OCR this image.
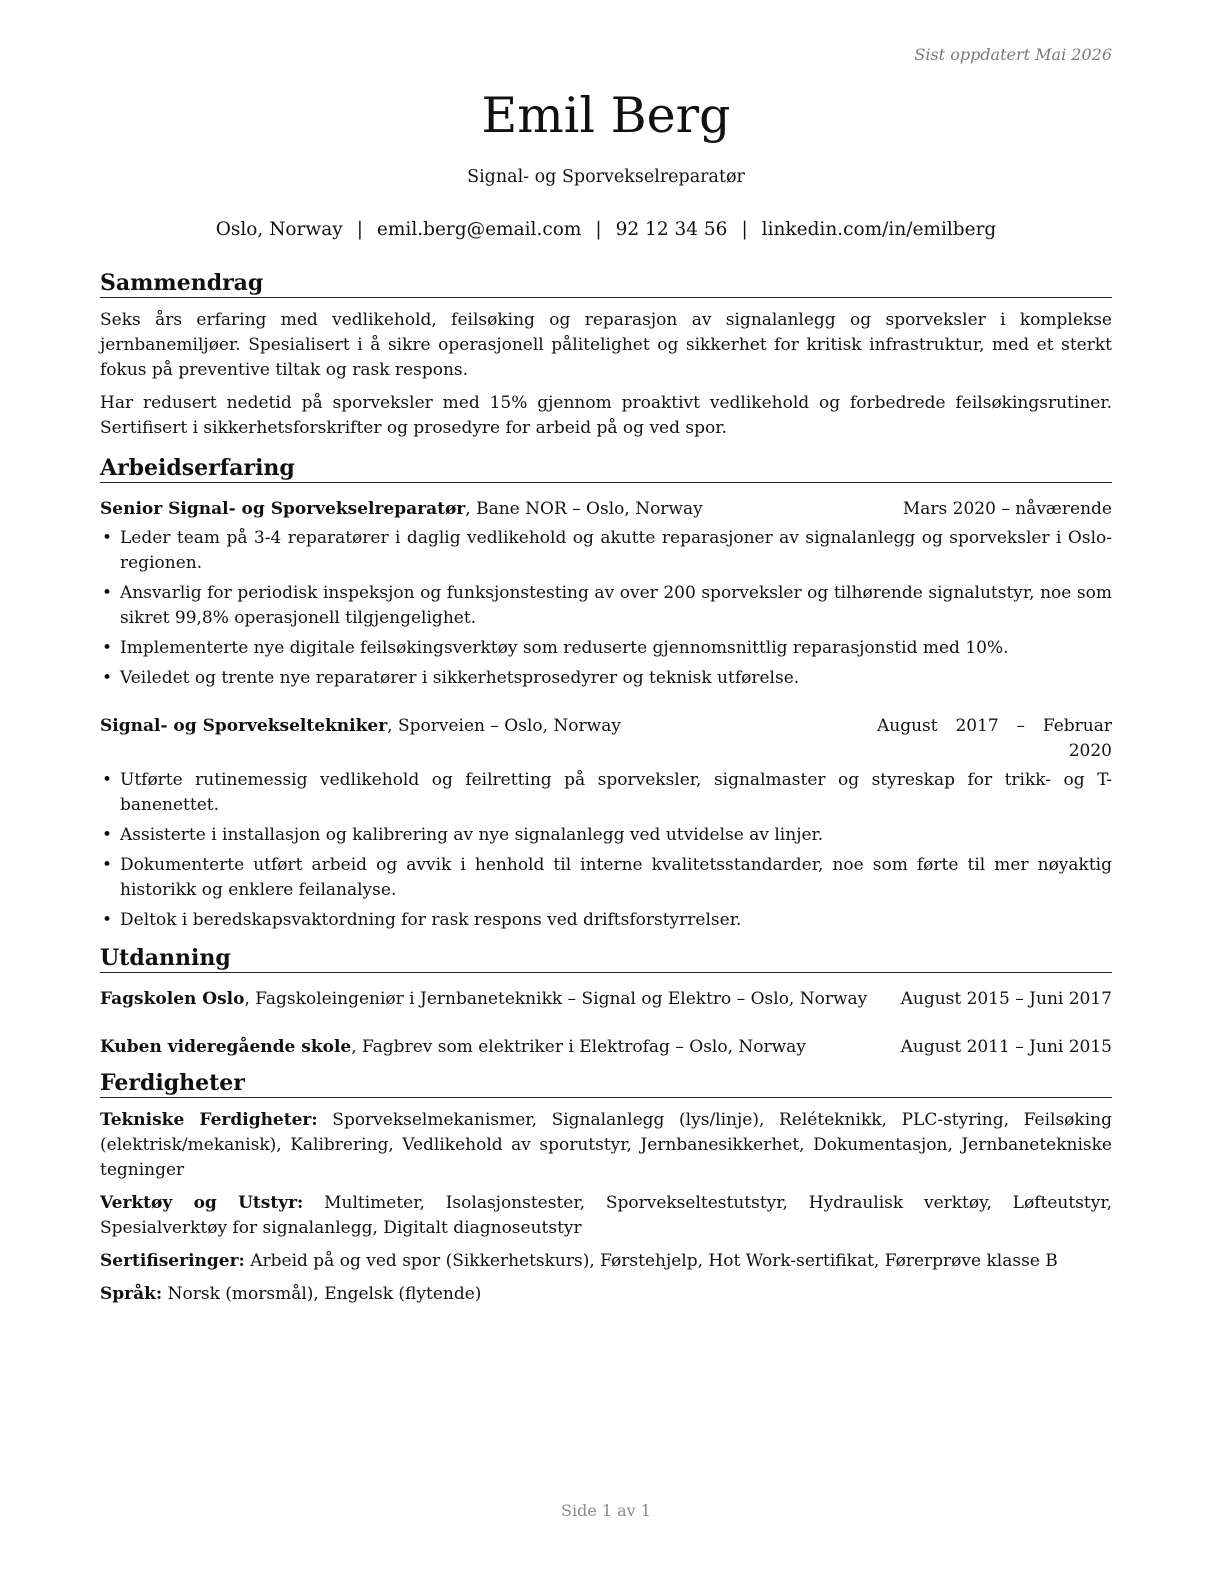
Sist oppdatert Mai 2026
Emil Berg
Signal- og Sporvekselreparatør
Oslo, Norway | emil.berg@email.com | 92 12 34 56 | linkedin.com/in/emilberg
Sammendrag

Seks års erfaring med vedlikehold, feilsøking og reparasjon av signalanlegg og sporveksler i komplekse jernbanemiljøer. Spesialisert i å sikre operasjonell pålitelighet og sikkerhet for kritisk infrastruktur, med et sterkt fokus på preventive tiltak og rask respons.

Har redusert nedetid på sporveksler med 15% gjennom proaktivt vedlikehold og forbedrede feilsøkingsrutiner. Sertifisert i sikkerhetsforskrifter og prosedyre for arbeid på og ved spor.

Arbeidserfaring
Senior Signal- og Sporvekselreparatør, Bane NOR – Oslo, Norway	Mars 2020 – nåværende
• Leder team på 3-4 reparatører i daglig vedlikehold og akutte reparasjoner av signalanlegg og sporveksler i Oslo-regionen.
• Ansvarlig for periodisk inspeksjon og funksjonstesting av over 200 sporveksler og tilhørende signalutstyr, noe som sikret 99,8% operasjonell tilgjengelighet.
• Implementerte nye digitale feilsøkingsverktøy som reduserte gjennomsnittlig reparasjonstid med 10%.
• Veiledet og trente nye reparatører i sikkerhetsprosedyrer og teknisk utførelse.
Signal- og Sporvekseltekniker, Sporveien – Oslo, Norway	August 2017 – Februar 2020
• Utførte rutinemessig vedlikehold og feilretting på sporveksler, signalmaster og styreskap for trikk- og T-banenettet.
• Assisterte i installasjon og kalibrering av nye signalanlegg ved utvidelse av linjer.
• Dokumenterte utført arbeid og avvik i henhold til interne kvalitetsstandarder, noe som førte til mer nøyaktig historikk og enklere feilanalyse.
• Deltok i beredskapsvaktordning for rask respons ved driftsforstyrrelser.
Utdanning
Fagskolen Oslo, Fagskoleingeniør i Jernbaneteknikk – Signal og Elektro – Oslo, Norway	August 2015 – Juni 2017
Kuben videregående skole, Fagbrev som elektriker i Elektrofag – Oslo, Norway	August 2011 – Juni 2015
Ferdigheter

Tekniske Ferdigheter: Sporvekselmekanismer, Signalanlegg (lys/linje), Reléteknikk, PLC-styring, Feilsøking (elektrisk/mekanisk), Kalibrering, Vedlikehold av sporutstyr, Jernbanesikkerhet, Dokumentasjon, Jernbanetekniske tegninger

Verktøy og Utstyr: Multimeter, Isolasjonstester, Sporvekseltestutstyr, Hydraulisk verktøy, Løfteutstyr, Spesialverktøy for signalanlegg, Digitalt diagnoseutstyr

Sertifiseringer: Arbeid på og ved spor (Sikkerhetskurs), Førstehjelp, Hot Work-sertifikat, Førerprøve klasse B

Språk: Norsk (morsmål), Engelsk (flytende)

Side 1 av 1
